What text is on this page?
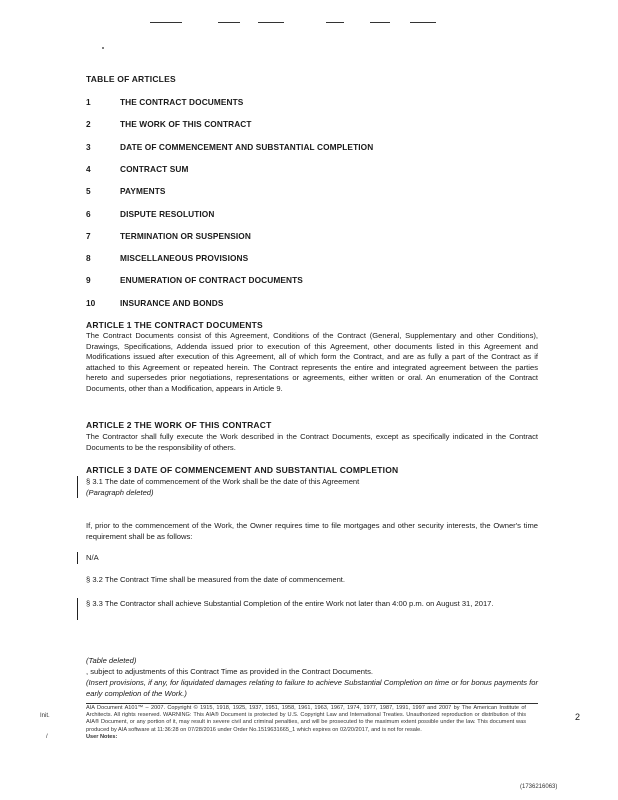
TABLE OF ARTICLES
1	THE CONTRACT DOCUMENTS
2	THE WORK OF THIS CONTRACT
3	DATE OF COMMENCEMENT AND SUBSTANTIAL COMPLETION
4	CONTRACT SUM
5	PAYMENTS
6	DISPUTE RESOLUTION
7	TERMINATION OR SUSPENSION
8	MISCELLANEOUS PROVISIONS
9	ENUMERATION OF CONTRACT DOCUMENTS
10	INSURANCE AND BONDS
ARTICLE 1 THE CONTRACT DOCUMENTS
The Contract Documents consist of this Agreement, Conditions of the Contract (General, Supplementary and other Conditions), Drawings, Specifications, Addenda issued prior to execution of this Agreement, other documents listed in this Agreement and Modifications issued after execution of this Agreement, all of which form the Contract, and are as fully a part of the Contract as if attached to this Agreement or repeated herein. The Contract represents the entire and integrated agreement between the parties hereto and supersedes prior negotiations, representations or agreements, either written or oral. An enumeration of the Contract Documents, other than a Modification, appears in Article 9.
ARTICLE 2 THE WORK OF THIS CONTRACT
The Contractor shall fully execute the Work described in the Contract Documents, except as specifically indicated in the Contract Documents to be the responsibility of others.
ARTICLE 3 DATE OF COMMENCEMENT AND SUBSTANTIAL COMPLETION
§ 3.1 The date of commencement of the Work shall be the date of this Agreement
(Paragraph deleted)
If, prior to the commencement of the Work, the Owner requires time to file mortgages and other security interests, the Owner's time requirement shall be as follows:
N/A
§ 3.2 The Contract Time shall be measured from the date of commencement.
§ 3.3 The Contractor shall achieve Substantial Completion of the entire Work not later than 4:00 p.m. on August 31, 2017.
(Table deleted)
, subject to adjustments of this Contract Time as provided in the Contract Documents.
(Insert provisions, if any, for liquidated damages relating to failure to achieve Substantial Completion on time or for bonus payments for early completion of the Work.)
Init.
/
AIA Document A101™ – 2007. Copyright © 1915, 1918, 1925, 1937, 1951, 1958, 1961, 1963, 1967, 1974, 1977, 1987, 1991, 1997 and 2007 by The American Institute of Architects. All rights reserved. WARNING: This AIA® Document is protected by U.S. Copyright Law and International Treaties. Unauthorized reproduction or distribution of this AIA® Document, or any portion of it, may result in severe civil and criminal penalties, and will be prosecuted to the maximum extent possible under the law. This document was produced by AIA software at 11:36:28 on 07/28/2016 under Order No.1519631665_1 which expires on 02/20/2017, and is not for resale.
User Notes:
2
(1736216063)
